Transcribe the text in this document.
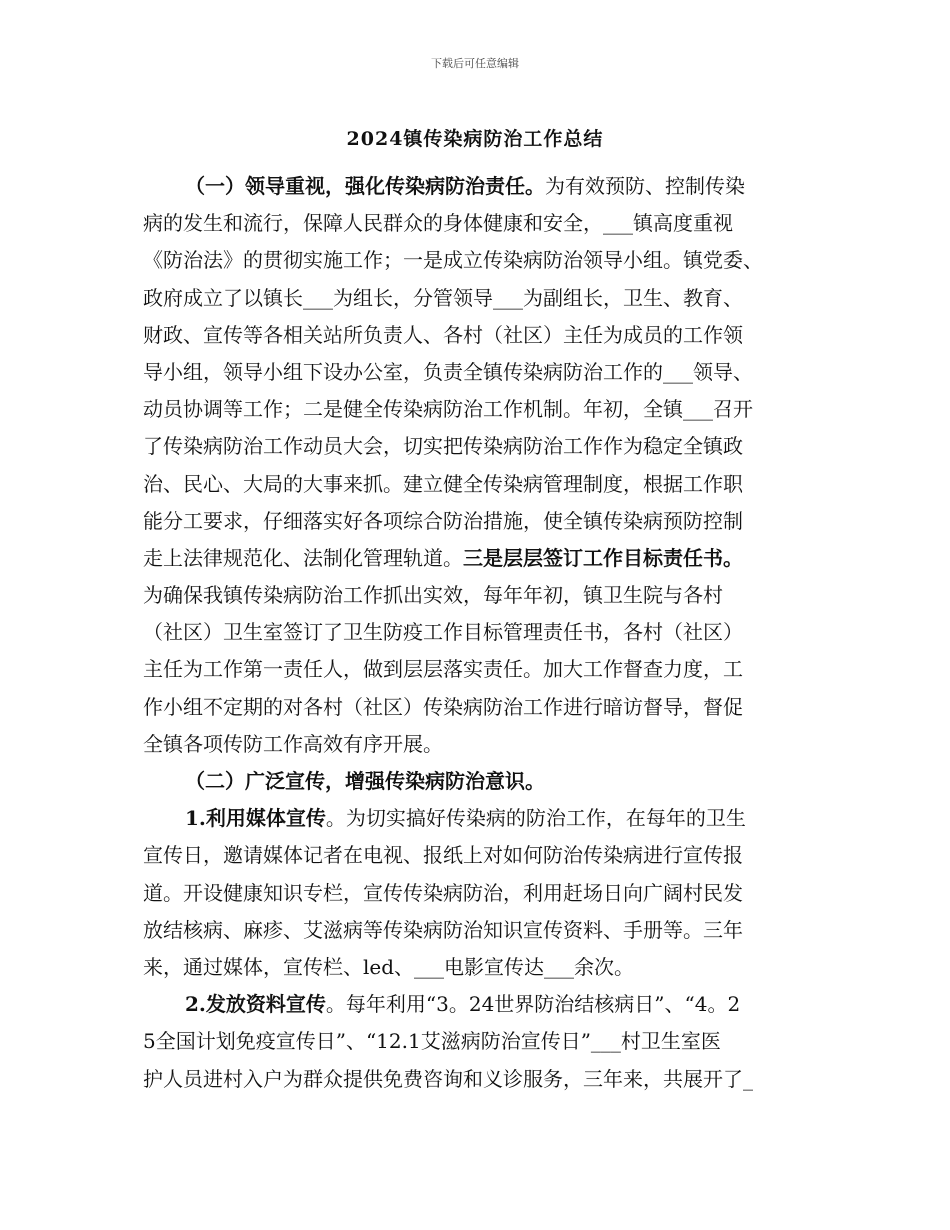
下载后可任意编辑
2024镇传染病防治工作总结
（一）领导重视，强化传染病防治责任。为有效预防、控制传染
病的发生和流行，保障人民群众的身体健康和安全，___镇高度重视
《防治法》的贯彻实施工作；一是成立传染病防治领导小组。镇党委、
政府成立了以镇长___为组长，分管领导___为副组长，卫生、教育、
财政、宣传等各相关站所负责人、各村（社区）主任为成员的工作领
导小组，领导小组下设办公室，负责全镇传染病防治工作的___领导、
动员协调等工作；二是健全传染病防治工作机制。年初，全镇___召开
了传染病防治工作动员大会，切实把传染病防治工作作为稳定全镇政
治、民心、大局的大事来抓。建立健全传染病管理制度，根据工作职
能分工要求，仔细落实好各项综合防治措施，使全镇传染病预防控制
走上法律规范化、法制化管理轨道。三是层层签订工作目标责任书。
为确保我镇传染病防治工作抓出实效，每年年初，镇卫生院与各村
（社区）卫生室签订了卫生防疫工作目标管理责任书，各村（社区）
主任为工作第一责任人，做到层层落实责任。加大工作督查力度，工
作小组不定期的对各村（社区）传染病防治工作进行暗访督导，督促
全镇各项传防工作高效有序开展。
（二）广泛宣传，增强传染病防治意识。
1.利用媒体宣传。为切实搞好传染病的防治工作，在每年的卫生
宣传日，邀请媒体记者在电视、报纸上对如何防治传染病进行宣传报
道。开设健康知识专栏，宣传传染病防治，利用赶场日向广阔村民发
放结核病、麻疹、艾滋病等传染病防治知识宣传资料、手册等。三年
来，通过媒体，宣传栏、led、___电影宣传达___余次。
2.发放资料宣传。每年利用“3。24世界防治结核病日”、“4。2
5全国计划免疫宣传日”、“12.1艾滋病防治宣传日”___村卫生室医
护人员进村入户为群众提供免费咨询和义诊服务，三年来，共展开了_
